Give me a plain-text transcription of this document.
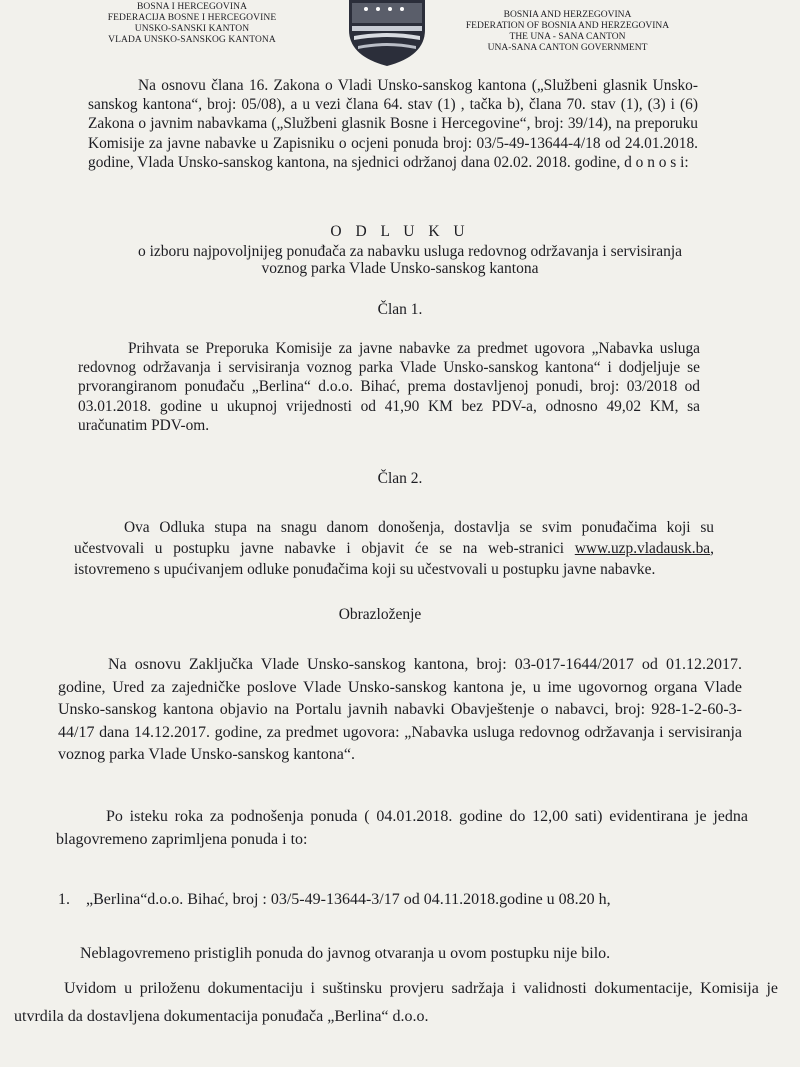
BOSNA I HERCEGOVINA
FEDERACIJA BOSNE I HERCEGOVINE
UNSKO-SANSKI KANTON
VLADA UNSKO-SANSKOG KANTONA
BOSNIA AND HERZEGOVINA
FEDERATION OF BOSNIA AND HERZEGOVINA
THE UNA - SANA CANTON
UNA-SANA CANTON GOVERNMENT
Na osnovu člana 16. Zakona o Vladi Unsko-sanskog kantona („Službeni glasnik Unsko-sanskog kantona“, broj: 05/08), a u vezi člana 64. stav (1) , tačka b), člana 70. stav (1), (3) i (6) Zakona o javnim nabavkama („Službeni glasnik Bosne i Hercegovine“, broj: 39/14), na preporuku Komisije za javne nabavke u Zapisniku o ocjeni ponuda broj: 03/5-49-13644-4/18 od 24.01.2018. godine, Vlada Unsko-sanskog kantona, na sjednici održanoj dana 02.02. 2018. godine, d o n o s i:
O D L U K U
o izboru najpovoljnijeg ponuđača za nabavku usluga redovnog održavanja i servisiranja
voznog parka Vlade Unsko-sanskog kantona
Član 1.
Prihvata se Preporuka Komisije za javne nabavke za predmet ugovora „Nabavka usluga redovnog održavanja i servisiranja voznog parka Vlade Unsko-sanskog kantona“ i dodjeljuje se prvorangiranom ponuđaču „Berlina“ d.o.o. Bihać, prema dostavljenoj ponudi, broj: 03/2018 od 03.01.2018. godine u ukupnoj vrijednosti od 41,90 KM bez PDV-a, odnosno 49,02 KM, sa uračunatim PDV-om.
Član 2.
Ova Odluka stupa na snagu danom donošenja, dostavlja se svim ponuđačima koji su učestvovali u postupku javne nabavke i objavit će se na web-stranici www.uzp.vladausk.ba, istovremeno s upućivanjem odluke ponuđačima koji su učestvovali u postupku javne nabavke.
Obrazloženje
Na osnovu Zaključka Vlade Unsko-sanskog kantona, broj: 03-017-1644/2017 od 01.12.2017. godine, Ured za zajedničke poslove Vlade Unsko-sanskog kantona je, u ime ugovornog organa Vlade Unsko-sanskog kantona objavio na Portalu javnih nabavki Obavještenje o nabavci, broj: 928-1-2-60-3-44/17 dana 14.12.2017. godine, za predmet ugovora: „Nabavka usluga redovnog održavanja i servisiranja voznog parka Vlade Unsko-sanskog kantona“.
Po isteku roka za podnošenja ponuda ( 04.01.2018. godine do 12,00 sati) evidentirana je jedna blagovremeno zaprimljena ponuda i to:
1. „Berlina“d.o.o. Bihać, broj : 03/5-49-13644-3/17 od 04.11.2018.godine u 08.20 h,
Neblagovremeno pristiglih ponuda do javnog otvaranja u ovom postupku nije bilo.
Uvidom u priloženu dokumentaciju i suštinsku provjeru sadržaja i validnosti dokumentacije, Komisija je utvrdila da dostavljena dokumentacija ponuđača „Berlina“ d.o.o.
